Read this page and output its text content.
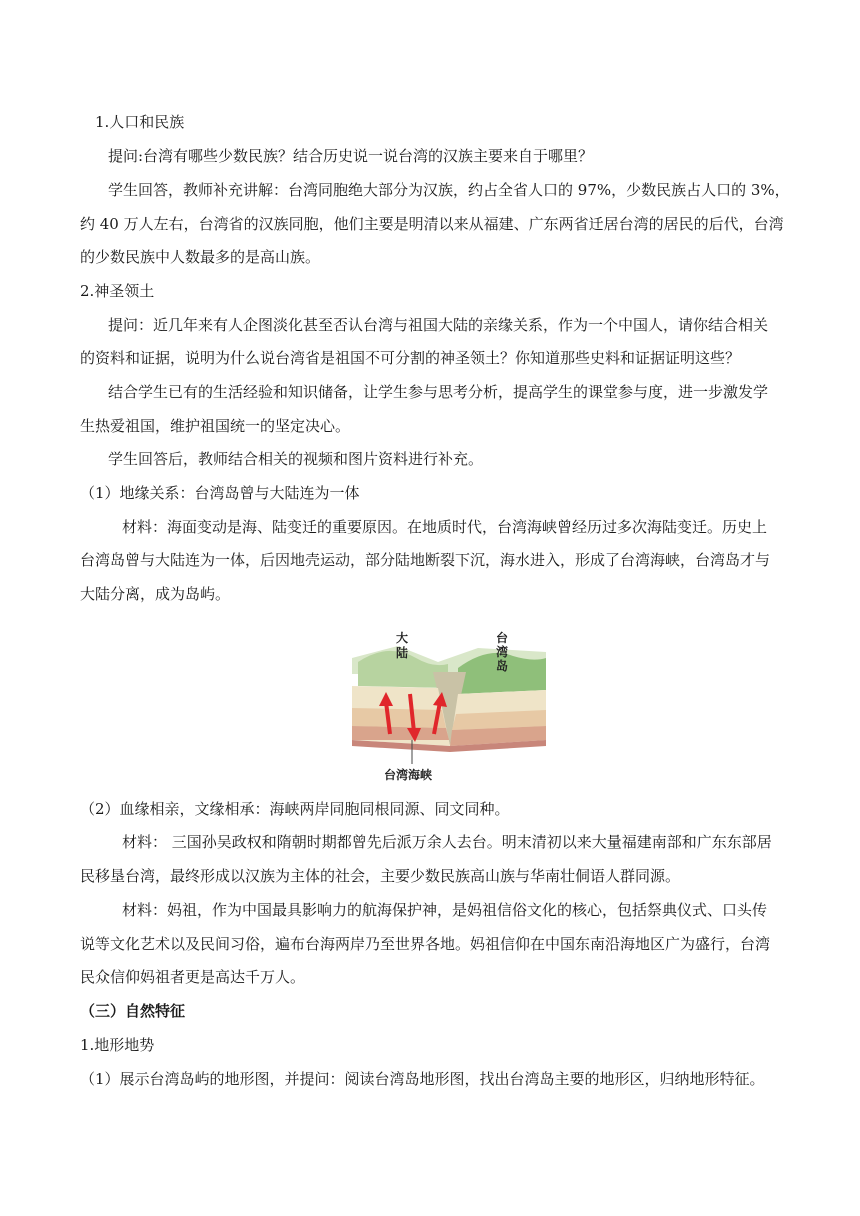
1.人口和民族
提问:台湾有哪些少数民族？结合历史说一说台湾的汉族主要来自于哪里？
学生回答，教师补充讲解：台湾同胞绝大部分为汉族，约占全省人口的 97%，少数民族占人口的 3%，
约 40 万人左右，台湾省的汉族同胞，他们主要是明清以来从福建、广东两省迁居台湾的居民的后代，台湾
的少数民族中人数最多的是高山族。
2.神圣领土
提问：近几年来有人企图淡化甚至否认台湾与祖国大陆的亲缘关系，作为一个中国人，请你结合相关
的资料和证据，说明为什么说台湾省是祖国不可分割的神圣领土？你知道那些史料和证据证明这些？
结合学生已有的生活经验和知识储备，让学生参与思考分析，提高学生的课堂参与度，进一步激发学
生热爱祖国，维护祖国统一的坚定决心。
学生回答后，教师结合相关的视频和图片资料进行补充。
（1）地缘关系：台湾岛曾与大陆连为一体
材料：海面变动是海、陆变迁的重要原因。在地质时代，台湾海峡曾经历过多次海陆变迁。历史上
台湾岛曾与大陆连为一体，后因地壳运动，部分陆地断裂下沉，海水进入，形成了台湾海峡，台湾岛才与
大陆分离，成为岛屿。
大
陆
台
湾
岛
台湾海峡
（2）血缘相亲，文缘相承：海峡两岸同胞同根同源、同文同种。
材料： 三国孙吴政权和隋朝时期都曾先后派万余人去台。明末清初以来大量福建南部和广东东部居
民移垦台湾，最终形成以汉族为主体的社会，主要少数民族高山族与华南壮侗语人群同源。
材料：妈祖，作为中国最具影响力的航海保护神，是妈祖信俗文化的核心，包括祭典仪式、口头传
说等文化艺术以及民间习俗，遍布台海两岸乃至世界各地。妈祖信仰在中国东南沿海地区广为盛行，台湾
民众信仰妈祖者更是高达千万人。
（三）自然特征
1.地形地势
（1）展示台湾岛屿的地形图，并提问：阅读台湾岛地形图，找出台湾岛主要的地形区，归纳地形特征。
